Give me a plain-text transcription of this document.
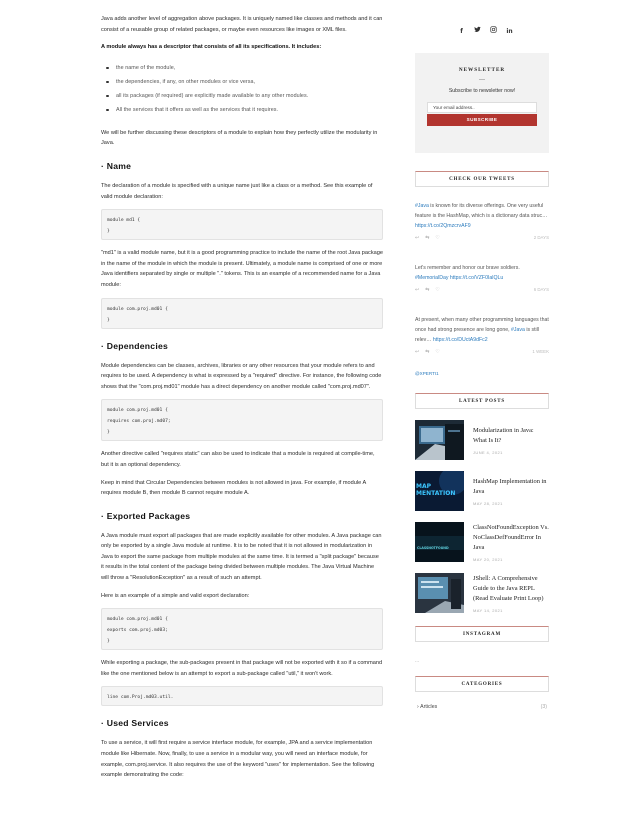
Java adds another level of aggregation above packages. It is uniquely named like classes and methods and it can consist of a reusable group of related packages, or maybe even resources like images or XML files.

A module always has a descriptor that consists of all its specifications. It includes:

the name of the module,
the dependencies, if any, on other modules or vice versa,
all its packages (if required) are explicitly made available to any other modules.
All the services that it offers as well as the services that it requires.

We will be further discussing these descriptors of a module to explain how they perfectly utilize the modularity in Java.

· Name

The declaration of a module is specified with a unique name just like a class or a method. See this example of valid module declaration:

module md1 {
}

"md1" is a valid module name, but it is a good programming practice to include the name of the root Java package in the name of the module in which the module is present. Ultimately, a module name is comprised of one or more Java identifiers separated by single or multiple "." tokens. This is an example of a recommended name for a Java module:

module com.proj.md01 {
}
· Dependencies

Module dependencies can be classes, archives, libraries or any other resources that your module refers to and requires to be used. A dependency is what is expressed by a "required" directive. For instance, the following code shows that the "com.proj.md01" module has a direct dependency on another module called "com.proj.md07".

module com.proj.md01 {
requires com.proj.md07;
}

Another directive called "requires static" can also be used to indicate that a module is required at compile-time, but it is an optional dependency.

Keep in mind that Circular Dependencies between modules is not allowed in java. For example, if module A requires module B, then module B cannot require module A.

· Exported Packages

A Java module must export all packages that are made explicitly available for other modules. A Java package can only be exported by a single Java module at runtime. It is to be noted that it is not allowed in modularization in Java to export the same package from multiple modules at the same time. It is termed a "split package" because it results in the total content of the package being divided between multiple modules. The Java Virtual Machine will throw a "ResolutionException" as a result of such an attempt.

Here is an example of a simple and valid export declaration:

module com.proj.md01 {
exports com.proj.md03;
}

While exporting a package, the sub-packages present in that package will not be exported with it so if a command like the one mentioned below is an attempt to export a sub-package called "util," it won't work.

line com.Proj.md03.util.
· Used Services

To use a service, it will first require a service interface module, for example, JPA and a service implementation module like Hibernate. Now, finally, to use a service in a modular way, you will need an interface module, for example, com.proj.service. It also requires the use of the keyword "uses" for implementation. See the following example demonstrating the code:

f	in
NEWSLETTER
Subscribe to newsletter now!
Your email address..
SUBSCRIBE
CHECK OUR TWEETS
#Java is known for its diverse offerings. One very useful feature is the HashMap, which is a dictionary data struc… https://t.co/2QmzcrvAF9
↩ ⇆ ♡	2 DAYS
Let's remember and honor our brave soldiers. #MemorialDay https://t.co/VZF0IalQLu
↩ ⇆ ♡	6 DAYS
At present, when many other programming languages that once had strong presence are long gone, #Java is still relev… https://t.co/DUctA9dFc2
↩ ⇆ ♡	1 WEEK
@XPERTI1
LATEST POSTS
Modularization in Java: What Is It?
JUNE 4, 2021
MAP
MENTATION
HashMap Implementation in Java
MAY 28, 2021
CLASSNOTFOUND
ClassNotFoundException Vs. NoClassDefFoundError In Java
MAY 20, 2021
JShell: A Comprehensive Guide to the Java REPL (Read Evaluate Print Loop)
MAY 14, 2021
INSTAGRAM
...
CATEGORIES
› Articles	(3)
